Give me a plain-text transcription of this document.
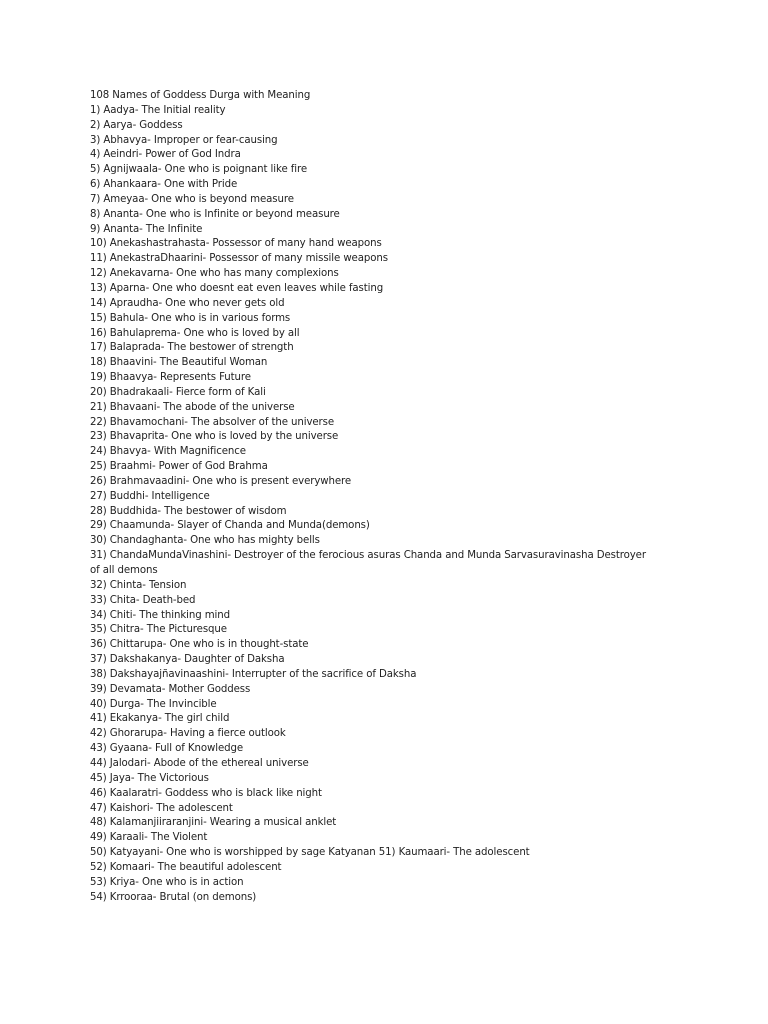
108 Names of Goddess Durga with Meaning
1) Aadya- The Initial reality
2) Aarya- Goddess
3) Abhavya- Improper or fear-causing
4) Aeindri- Power of God Indra
5) Agnijwaala- One who is poignant like fire
6) Ahankaara- One with Pride
7) Ameyaa- One who is beyond measure
8) Ananta- One who is Infinite or beyond measure
9) Ananta- The Infinite
10) Anekashastrahasta- Possessor of many hand weapons
11) AnekastraDhaarini- Possessor of many missile weapons
12) Anekavarna- One who has many complexions
13) Aparna- One who doesnt eat even leaves while fasting
14) Apraudha- One who never gets old
15) Bahula- One who is in various forms
16) Bahulaprema- One who is loved by all
17) Balaprada- The bestower of strength
18) Bhaavini- The Beautiful Woman
19) Bhaavya- Represents Future
20) Bhadrakaali- Fierce form of Kali
21) Bhavaani- The abode of the universe
22) Bhavamochani- The absolver of the universe
23) Bhavaprita- One who is loved by the universe
24) Bhavya- With Magnificence
25) Braahmi- Power of God Brahma
26) Brahmavaadini- One who is present everywhere
27) Buddhi- Intelligence
28) Buddhida- The bestower of wisdom
29) Chaamunda- Slayer of Chanda and Munda(demons)
30) Chandaghanta- One who has mighty bells
31) ChandaMundaVinashini- Destroyer of the ferocious asuras Chanda and Munda Sarvasuravinasha Destroyer of all demons
32) Chinta- Tension
33) Chita- Death-bed
34) Chiti- The thinking mind
35) Chitra- The Picturesque
36) Chittarupa- One who is in thought-state
37) Dakshakanya- Daughter of Daksha
38) Dakshayajñavinaashini- Interrupter of the sacrifice of Daksha
39) Devamata- Mother Goddess
40) Durga- The Invincible
41) Ekakanya- The girl child
42) Ghorarupa- Having a fierce outlook
43) Gyaana- Full of Knowledge
44) Jalodari- Abode of the ethereal universe
45) Jaya- The Victorious
46) Kaalaratri- Goddess who is black like night
47) Kaishori- The adolescent
48) Kalamanjiiraranjini- Wearing a musical anklet
49) Karaali- The Violent
50) Katyayani- One who is worshipped by sage Katyanan 51) Kaumaari- The adolescent
52) Komaari- The beautiful adolescent
53) Kriya- One who is in action
54) Krrooraa- Brutal (on demons)
